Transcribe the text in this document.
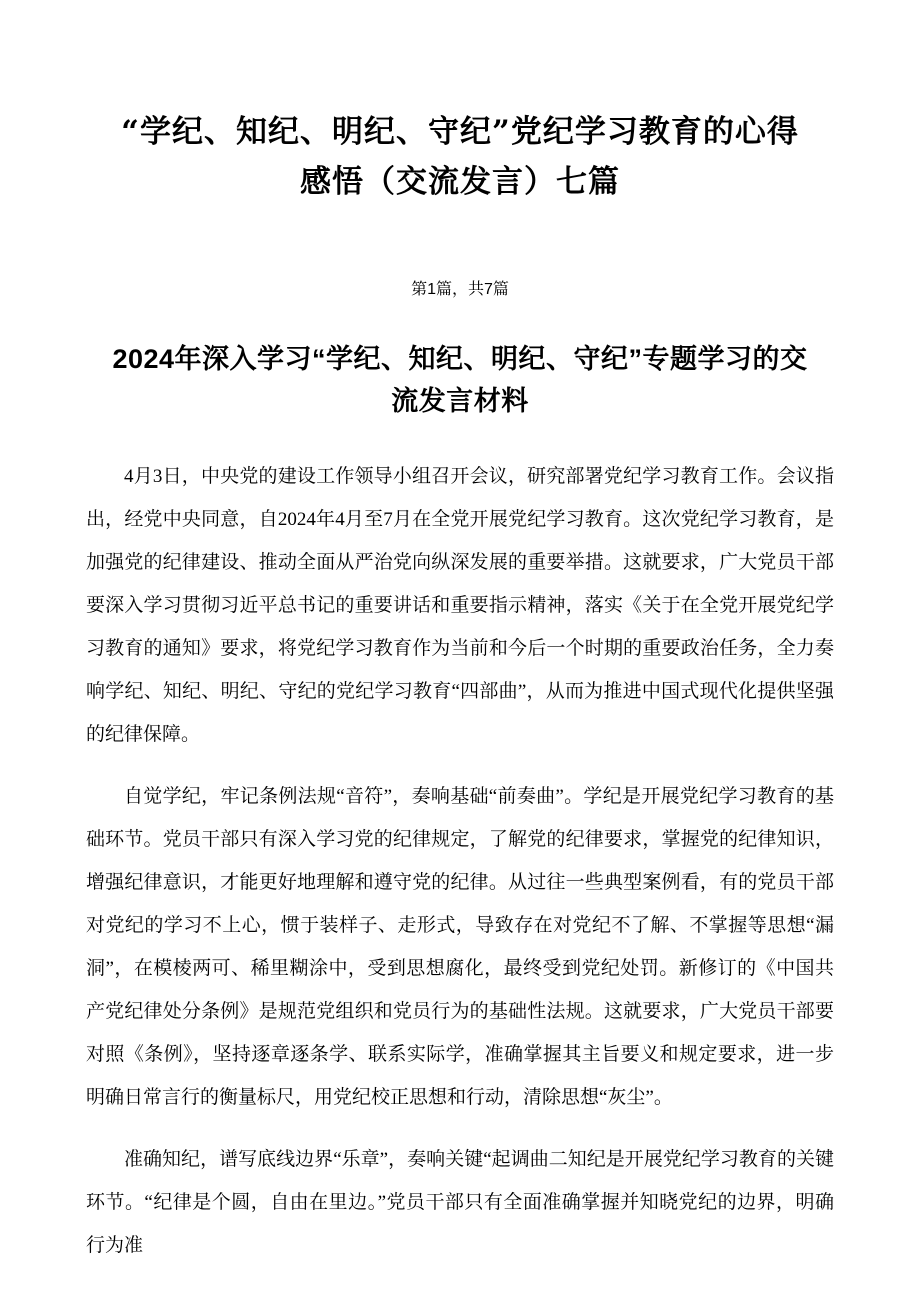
“学纪、知纪、明纪、守纪”党纪学习教育的心得感悟（交流发言）七篇
第1篇，共7篇
2024年深入学习“学纪、知纪、明纪、守纪”专题学习的交流发言材料

4月3日，中央党的建设工作领导小组召开会议，研究部署党纪学习教育工作。会议指出，经党中央同意，自2024年4月至7月在全党开展党纪学习教育。这次党纪学习教育，是加强党的纪律建设、推动全面从严治党向纵深发展的重要举措。这就要求，广大党员干部要深入学习贯彻习近平总书记的重要讲话和重要指示精神，落实《关于在全党开展党纪学习教育的通知》要求，将党纪学习教育作为当前和今后一个时期的重要政治任务，全力奏响学纪、知纪、明纪、守纪的党纪学习教育“四部曲”，从而为推进中国式现代化提供坚强的纪律保障。

自觉学纪，牢记条例法规“音符”，奏响基础“前奏曲”。学纪是开展党纪学习教育的基础环节。党员干部只有深入学习党的纪律规定，了解党的纪律要求，掌握党的纪律知识，增强纪律意识，才能更好地理解和遵守党的纪律。从过往一些典型案例看，有的党员干部对党纪的学习不上心，惯于装样子、走形式，导致存在对党纪不了解、不掌握等思想“漏洞”，在模棱两可、稀里糊涂中，受到思想腐化，最终受到党纪处罚。新修订的《中国共产党纪律处分条例》是规范党组织和党员行为的基础性法规。这就要求，广大党员干部要对照《条例》，坚持逐章逐条学、联系实际学，准确掌握其主旨要义和规定要求，进一步明确日常言行的衡量标尺，用党纪校正思想和行动，清除思想“灰尘”。

准确知纪，谱写底线边界“乐章”，奏响关键“起调曲二知纪是开展党纪学习教育的关键环节。“纪律是个圆，自由在里边。”党员干部只有全面准确掌握并知晓党纪的边界，明确行为准
